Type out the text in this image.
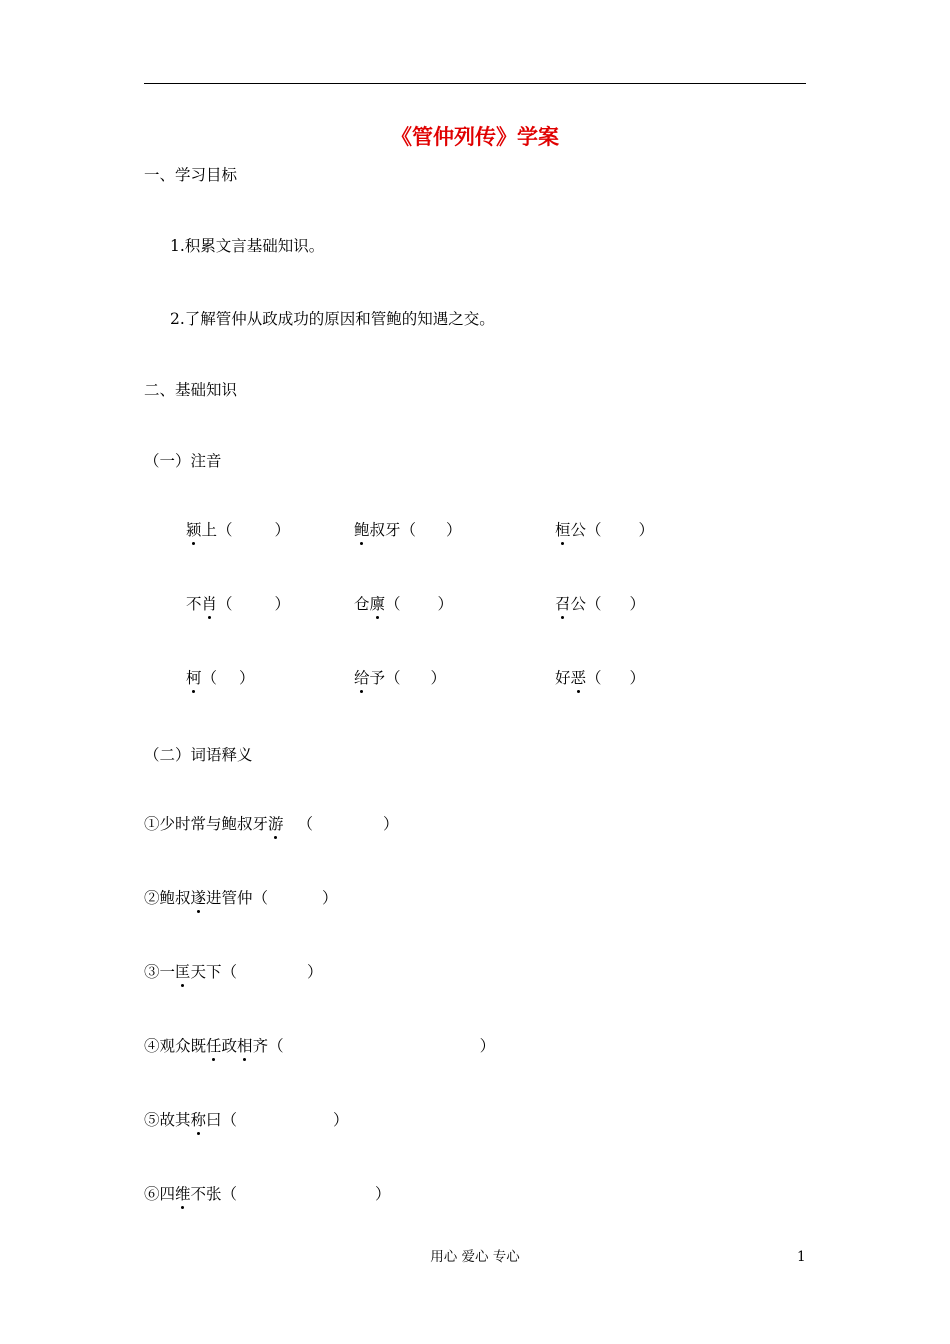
《管仲列传》学案
一、学习目标
1.积累文言基础知识。
2.了解管仲从政成功的原因和管鲍的知遇之交。
二、基础知识
（一）注音
颍上（	）	鲍叔牙（ ）	桓公（ ）
不肖（	）	仓廪（ ）	召公（ ）
柯（ ）	给予（ ）	好恶（ ）
（二）词语释义
①少时常与鲍叔牙游 （	）
②鲍叔遂进管仲（	）
③一匡天下（	）
④观众既任政相齐（	）
⑤故其称曰（	）
⑥四维不张（	）
用心 爱心 专心	1
